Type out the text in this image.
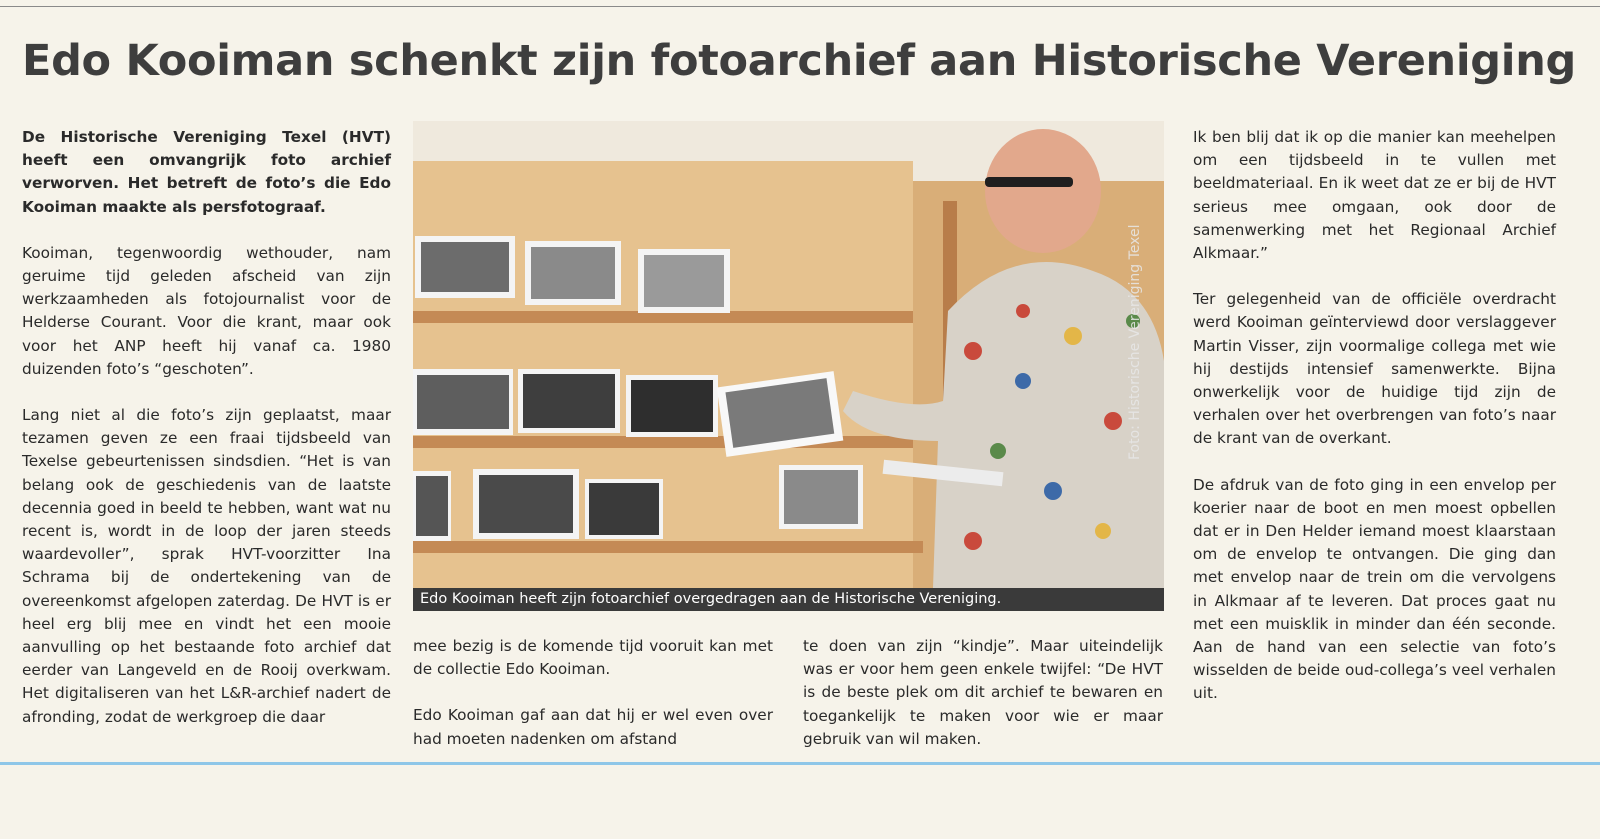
Edo Kooiman schenkt zijn fotoarchief aan Historische Vereniging

De Historische Vereniging Texel (HVT) heeft een omvangrijk foto archief verworven. Het betreft de foto’s die Edo Kooiman maakte als persfotograaf.

Kooiman, tegenwoordig wethouder, nam geruime tijd geleden afscheid van zijn werkzaamheden als fotojournalist voor de Helderse Courant. Voor die krant, maar ook voor het ANP heeft hij vanaf ca. 1980 duizenden foto’s “geschoten”.

Lang niet al die foto’s zijn geplaatst, maar tezamen geven ze een fraai tijdsbeeld van Texelse gebeurtenissen sindsdien. “Het is van belang ook de geschiedenis van de laatste decennia goed in beeld te hebben, want wat nu recent is, wordt in de loop der jaren steeds waardevoller”, sprak HVT-voorzitter Ina Schrama bij de ondertekening van de overeenkomst afgelopen zaterdag. De HVT is er heel erg blij mee en vindt het een mooie aanvulling op het bestaande foto archief dat eerder van Langeveld en de Rooij overkwam. Het digitaliseren van het L&R-archief nadert de afronding, zodat de werkgroep die daar

Foto: Historische Vereniging Texel
Edo Kooiman heeft zijn fotoarchief overgedragen aan de Historische Vereniging.

mee bezig is de komende tijd vooruit kan met de collectie Edo Kooiman.

Edo Kooiman gaf aan dat hij er wel even over had moeten nadenken om afstand

te doen van zijn “kindje”. Maar uiteindelijk was er voor hem geen enkele twijfel: “De HVT is de beste plek om dit archief te bewaren en toegankelijk te maken voor wie er maar gebruik van wil maken.

Ik ben blij dat ik op die manier kan meehelpen om een tijdsbeeld in te vullen met beeldmateriaal. En ik weet dat ze er bij de HVT serieus mee omgaan, ook door de samenwerking met het Regionaal Archief Alkmaar.”

Ter gelegenheid van de officiële overdracht werd Kooiman geïnterviewd door verslaggever Martin Visser, zijn voormalige collega met wie hij destijds intensief samenwerkte. Bijna onwerkelijk voor de huidige tijd zijn de verhalen over het overbrengen van foto’s naar de krant van de overkant.

De afdruk van de foto ging in een envelop per koerier naar de boot en men moest opbellen dat er in Den Helder iemand moest klaarstaan om de envelop te ontvangen. Die ging dan met envelop naar de trein om die vervolgens in Alkmaar af te leveren. Dat proces gaat nu met een muisklik in minder dan één seconde. Aan de hand van een selectie van foto’s wisselden de beide oud-collega’s veel verhalen uit.
